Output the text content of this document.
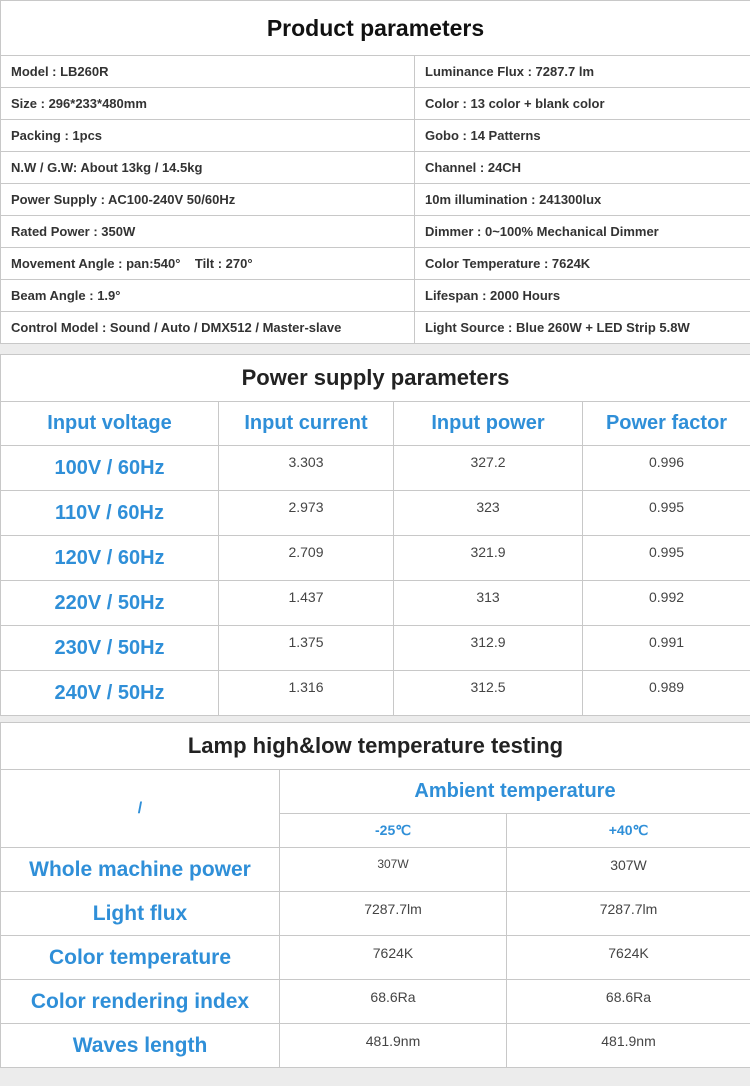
Product parameters	
Model : LB260R	Luminance Flux : 7287.7 lm
Size : 296*233*480mm	Color : 13 color + blank color
Packing : 1pcs	Gobo : 14 Patterns
N.W / G.W: About 13kg / 14.5kg	Channel : 24CH
Power Supply : AC100-240V 50/60Hz	10m illumination : 241300lux
Rated Power : 350W	Dimmer : 0~100% Mechanical Dimmer
Movement Angle : pan:540°    Tilt : 270°	Color Temperature : 7624K
Beam Angle : 1.9°	Lifespan : 2000 Hours
Control Model : Sound / Auto / DMX512 / Master-slave	Light Source : Blue 260W + LED Strip 5.8W
Power supply parameters			
Input voltage	Input current	Input power	Power factor
100V / 60Hz	3.303	327.2	0.996
110V / 60Hz	2.973	323	0.995
120V / 60Hz	2.709	321.9	0.995
220V / 50Hz	1.437	313	0.992
230V / 50Hz	1.375	312.9	0.991
240V / 50Hz	1.316	312.5	0.989
Lamp high&low temperature testing		
/	Ambient temperature	
	-25℃	+40℃
Whole machine power	307W	307W
Light flux	7287.7lm	7287.7lm
Color temperature	7624K	7624K
Color rendering index	68.6Ra	68.6Ra
Waves length	481.9nm	481.9nm
